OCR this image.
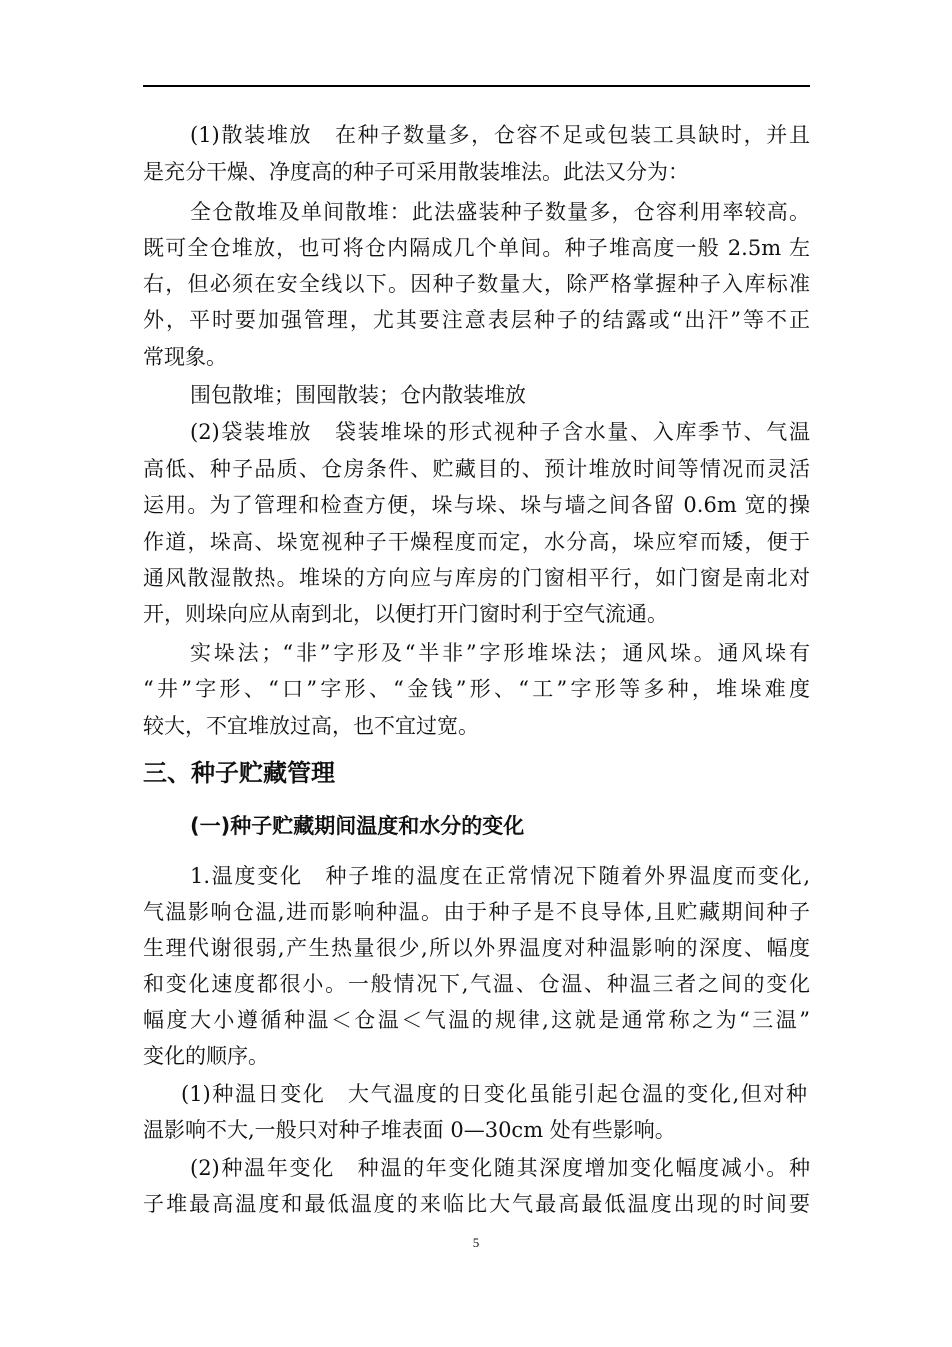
(1)散装堆放　在种子数量多，仓容不足或包装工具缺时，并且
是充分干燥、净度高的种子可采用散装堆法。此法又分为：
全仓散堆及单间散堆：此法盛装种子数量多，仓容利用率较高。
既可全仓堆放，也可将仓内隔成几个单间。种子堆高度一般 2.5m 左
右，但必须在安全线以下。因种子数量大，除严格掌握种子入库标准
外，平时要加强管理，尤其要注意表层种子的结露或“出汗”等不正
常现象。
围包散堆；围囤散装；仓内散装堆放
(2)袋装堆放　袋装堆垛的形式视种子含水量、入库季节、气温
高低、种子品质、仓房条件、贮藏目的、预计堆放时间等情况而灵活
运用。为了管理和检查方便，垛与垛、垛与墙之间各留 0.6m 宽的操
作道，垛高、垛宽视种子干燥程度而定，水分高，垛应窄而矮，便于
通风散湿散热。堆垛的方向应与库房的门窗相平行，如门窗是南北对
开，则垛向应从南到北，以便打开门窗时利于空气流通。
实垛法；“非”字形及“半非”字形堆垛法；通风垛。通风垛有
“井”字形、“口”字形、“金钱”形、“工”字形等多种，堆垛难度
较大，不宜堆放过高，也不宜过宽。
三、种子贮藏管理
(一)种子贮藏期间温度和水分的变化
1.温度变化　种子堆的温度在正常情况下随着外界温度而变化,
气温影响仓温,进而影响种温。由于种子是不良导体,且贮藏期间种子
生理代谢很弱,产生热量很少,所以外界温度对种温影响的深度、幅度
和变化速度都很小。一般情况下,气温、仓温、种温三者之间的变化
幅度大小遵循种温＜仓温＜气温的规律,这就是通常称之为“三温”
变化的顺序。
(1)种温日变化　大气温度的日变化虽能引起仓温的变化,但对种
温影响不大,一般只对种子堆表面 0—30cm 处有些影响。
(2)种温年变化　种温的年变化随其深度增加变化幅度减小。种
子堆最高温度和最低温度的来临比大气最高最低温度出现的时间要
5
